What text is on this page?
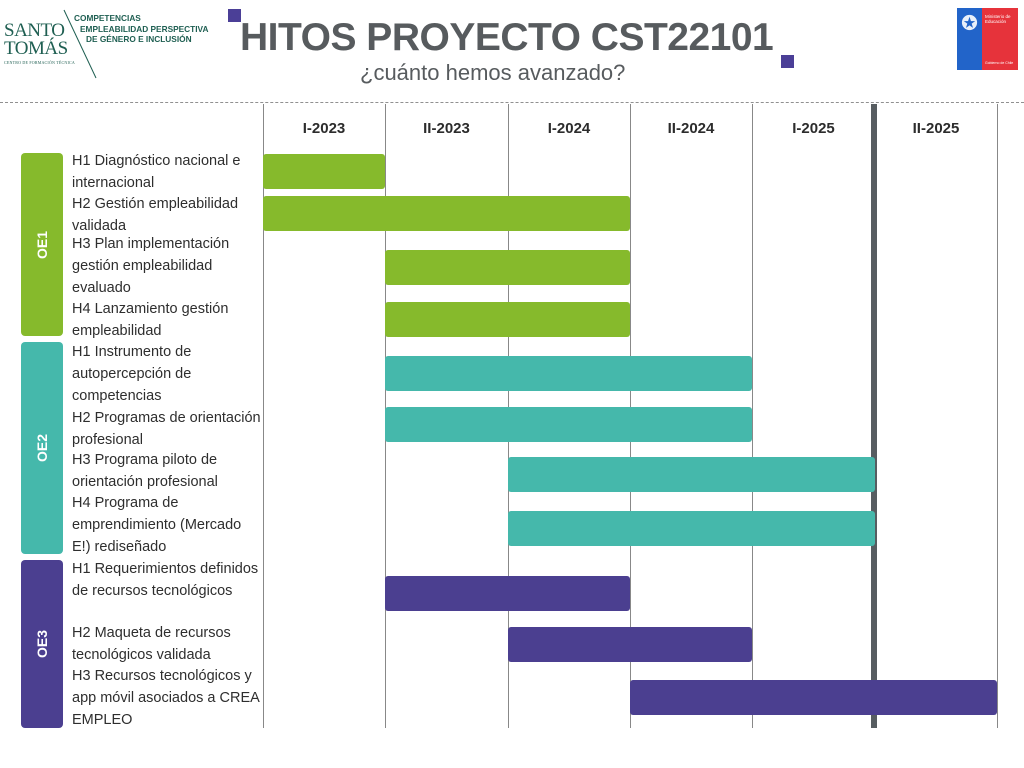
SANTO
TOMÁS
CENTRO DE FORMACIÓN TÉCNICA
COMPETENCIAS
EMPLEABILIDAD PERSPECTIVA
DE GÉNERO E INCLUSIÓN	HITOS PROYECTO CST22101
¿cuánto hemos avanzado?
Ministerio de Educación
Gobierno de Chile
I-2023	II-2023	I-2024	II-2024	I-2025	II-2025
OE1
H1 Diagnóstico nacional e internacional
H2 Gestión empleabilidad validada
H3 Plan implementación gestión empleabilidad evaluado
H4 Lanzamiento gestión empleabilidad
OE2
H1 Instrumento de autopercepción de competencias
H2 Programas de orientación profesional
H3 Programa piloto de orientación profesional
H4 Programa de emprendimiento (Mercado E!) rediseñado
OE3
H1 Requerimientos definidos de recursos tecnológicos
H2 Maqueta de recursos tecnológicos validada
H3 Recursos tecnológicos y app móvil asociados a CREA EMPLEO
